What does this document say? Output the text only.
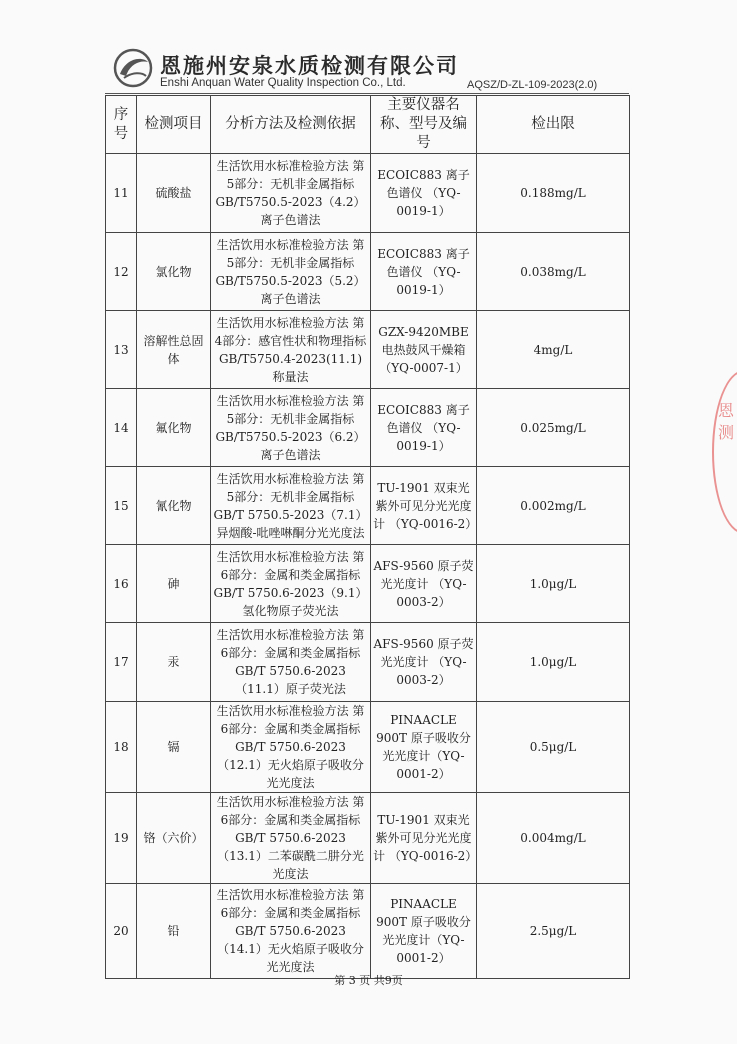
恩施州安泉水质检测有限公司
Enshi Anquan Water Quality Inspection Co., Ltd.	AQSZ/D-ZL-109-2023(2.0)
序号	检测项目	分析方法及检测依据	主要仪器名称、型号及编号	检出限
11	硫酸盐	生活饮用水标准检验方法 第5部分：无机非金属指标 GB/T5750.5-2023（4.2）离子色谱法	ECOIC883 离子色谱仪 （YQ-0019-1）	0.188mg/L
12	氯化物	生活饮用水标准检验方法 第5部分：无机非金属指标 GB/T5750.5-2023（5.2）离子色谱法	ECOIC883 离子色谱仪 （YQ-0019-1）	0.038mg/L
13	溶解性总固体	生活饮用水标准检验方法 第4部分：感官性状和物理指标 GB/T5750.4-2023(11.1) 称量法	GZX-9420MBE 电热鼓风干燥箱 （YQ-0007-1）	4mg/L
14	氟化物	生活饮用水标准检验方法 第5部分：无机非金属指标 GB/T5750.5-2023（6.2）离子色谱法	ECOIC883 离子色谱仪 （YQ-0019-1）	0.025mg/L
15	氰化物	生活饮用水标准检验方法 第5部分：无机非金属指标 GB/T 5750.5-2023（7.1）异烟酸-吡唑啉酮分光光度法	TU-1901 双束光紫外可见分光光度计 （YQ-0016-2）	0.002mg/L
16	砷	生活饮用水标准检验方法 第6部分：金属和类金属指标 GB/T 5750.6-2023（9.1）氢化物原子荧光法	AFS-9560 原子荧光光度计 （YQ-0003-2）	1.0μg/L
17	汞	生活饮用水标准检验方法 第6部分：金属和类金属指标 GB/T 5750.6-2023（11.1）原子荧光法	AFS-9560 原子荧光光度计 （YQ-0003-2）	1.0μg/L
18	镉	生活饮用水标准检验方法 第6部分：金属和类金属指标 GB/T 5750.6-2023（12.1）无火焰原子吸收分光光度法	PINAACLE 900T 原子吸收分光光度计（YQ-0001-2）	0.5μg/L
19	铬（六价）	生活饮用水标准检验方法 第6部分：金属和类金属指标 GB/T 5750.6-2023（13.1）二苯碳酰二肼分光光度法	TU-1901 双束光紫外可见分光光度计 （YQ-0016-2）	0.004mg/L
20	铅	生活饮用水标准检验方法 第6部分：金属和类金属指标 GB/T 5750.6-2023（14.1）无火焰原子吸收分光光度法	PINAACLE 900T 原子吸收分光光度计（YQ-0001-2）	2.5μg/L
恩测
第 3 页 共9页
